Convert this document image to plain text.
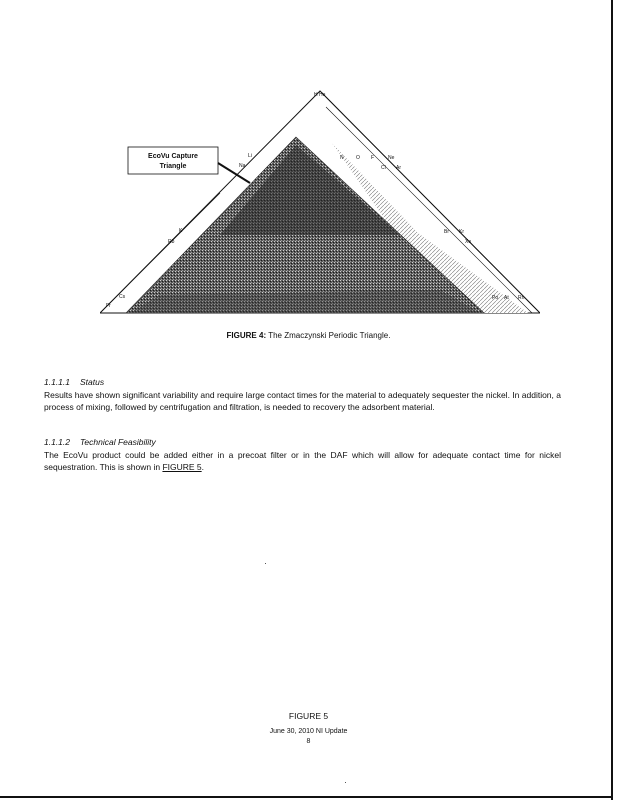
EcoVu Capture
Triangle
H He
Li
Na
K
Rb
Cs
Fr
N O F	Ne
Cl Ar
Br Kr
Xe
Po At Rn
FIGURE 4: The Zmaczynski Periodic Triangle.
1.1.1.1 Status
Results have shown significant variability and require large contact times for the material to adequately sequester the nickel. In addition, a process of mixing, followed by centrifugation and filtration, is needed to recovery the adsorbent material.
1.1.1.2 Technical Feasibility
The EcoVu product could be added either in a precoat filter or in the DAF which will allow for adequate contact time for nickel sequestration. This is shown in FIGURE 5.
FIGURE 5
June 30, 2010 NI Update
8
